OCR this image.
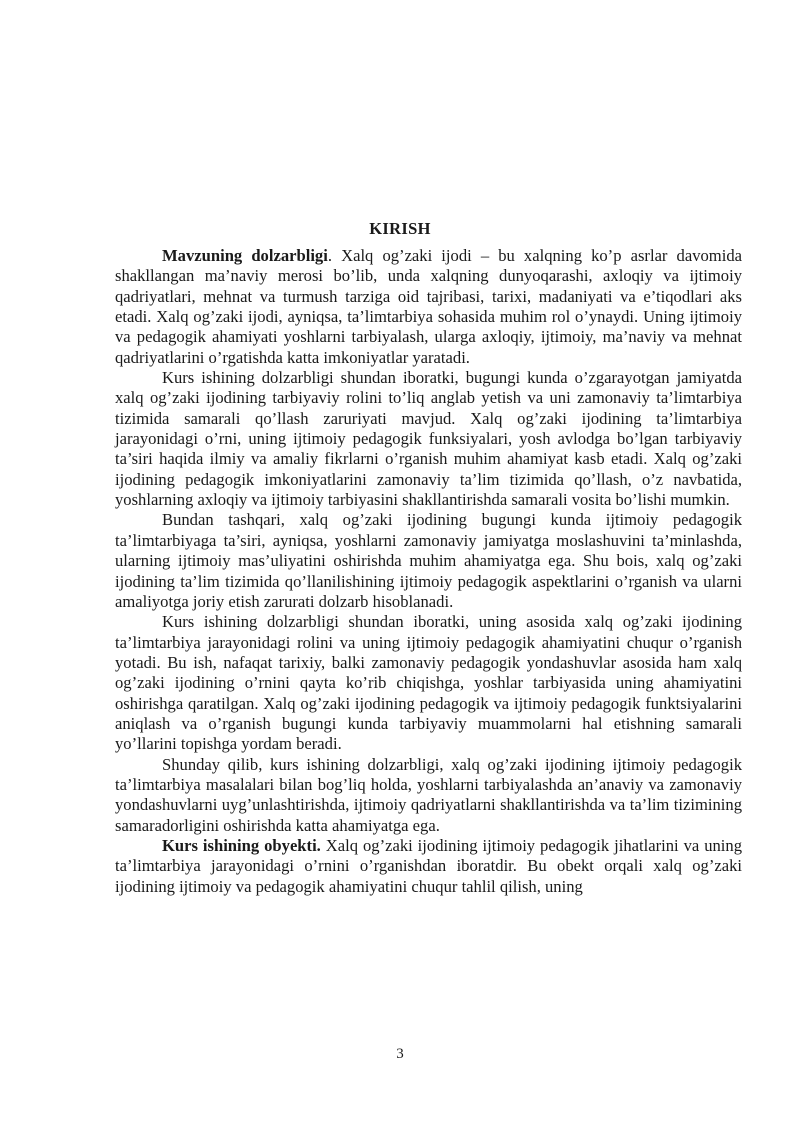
KIRISH

Mavzuning dolzarbligi. Xalq og’zaki ijodi – bu xalqning ko’p asrlar davomida shakllangan ma’naviy merosi bo’lib, unda xalqning dunyoqarashi, axloqiy va ijtimoiy qadriyatlari, mehnat va turmush tarziga oid tajribasi, tarixi, madaniyati va e’tiqodlari aks etadi. Xalq og’zaki ijodi, ayniqsa, ta’limtarbiya sohasida muhim rol o’ynaydi. Uning ijtimoiy va pedagogik ahamiyati yoshlarni tarbiyalash, ularga axloqiy, ijtimoiy, ma’naviy va mehnat qadriyatlarini o’rgatishda katta imkoniyatlar yaratadi.

Kurs ishining dolzarbligi shundan iboratki, bugungi kunda o’zgarayotgan jamiyatda xalq og’zaki ijodining tarbiyaviy rolini to’liq anglab yetish va uni zamonaviy ta’limtarbiya tizimida samarali qo’llash zaruriyati mavjud. Xalq og’zaki ijodining ta’limtarbiya jarayonidagi o’rni, uning ijtimoiy pedagogik funksiyalari, yosh avlodga bo’lgan tarbiyaviy ta’siri haqida ilmiy va amaliy fikrlarni o’rganish muhim ahamiyat kasb etadi. Xalq og’zaki ijodining pedagogik imkoniyatlarini zamonaviy ta’lim tizimida qo’llash, o’z navbatida, yoshlarning axloqiy va ijtimoiy tarbiyasini shakllantirishda samarali vosita bo’lishi mumkin.

Bundan tashqari, xalq og’zaki ijodining bugungi kunda ijtimoiy pedagogik ta’limtarbiyaga ta’siri, ayniqsa, yoshlarni zamonaviy jamiyatga moslashuvini ta’minlashda, ularning ijtimoiy mas’uliyatini oshirishda muhim ahamiyatga ega. Shu bois, xalq og’zaki ijodining ta’lim tizimida qo’llanilishining ijtimoiy pedagogik aspektlarini o’rganish va ularni amaliyotga joriy etish zarurati dolzarb hisoblanadi.

Kurs ishining dolzarbligi shundan iboratki, uning asosida xalq og’zaki ijodining ta’limtarbiya jarayonidagi rolini va uning ijtimoiy pedagogik ahamiyatini chuqur o’rganish yotadi. Bu ish, nafaqat tarixiy, balki zamonaviy pedagogik yondashuvlar asosida ham xalq og’zaki ijodining o’rnini qayta ko’rib chiqishga, yoshlar tarbiyasida uning ahamiyatini oshirishga qaratilgan. Xalq og’zaki ijodining pedagogik va ijtimoiy pedagogik funktsiyalarini aniqlash va o’rganish bugungi kunda tarbiyaviy muammolarni hal etishning samarali yo’llarini topishga yordam beradi.

Shunday qilib, kurs ishining dolzarbligi, xalq og’zaki ijodining ijtimoiy pedagogik ta’limtarbiya masalalari bilan bog’liq holda, yoshlarni tarbiyalashda an’anaviy va zamonaviy yondashuvlarni uyg’unlashtirishda, ijtimoiy qadriyatlarni shakllantirishda va ta’lim tizimining samaradorligini oshirishda katta ahamiyatga ega.

Kurs ishining obyekti. Xalq og’zaki ijodining ijtimoiy pedagogik jihatlarini va uning ta’limtarbiya jarayonidagi o’rnini o’rganishdan iboratdir. Bu obekt orqali xalq og’zaki ijodining ijtimoiy va pedagogik ahamiyatini chuqur tahlil qilish, uning

3
